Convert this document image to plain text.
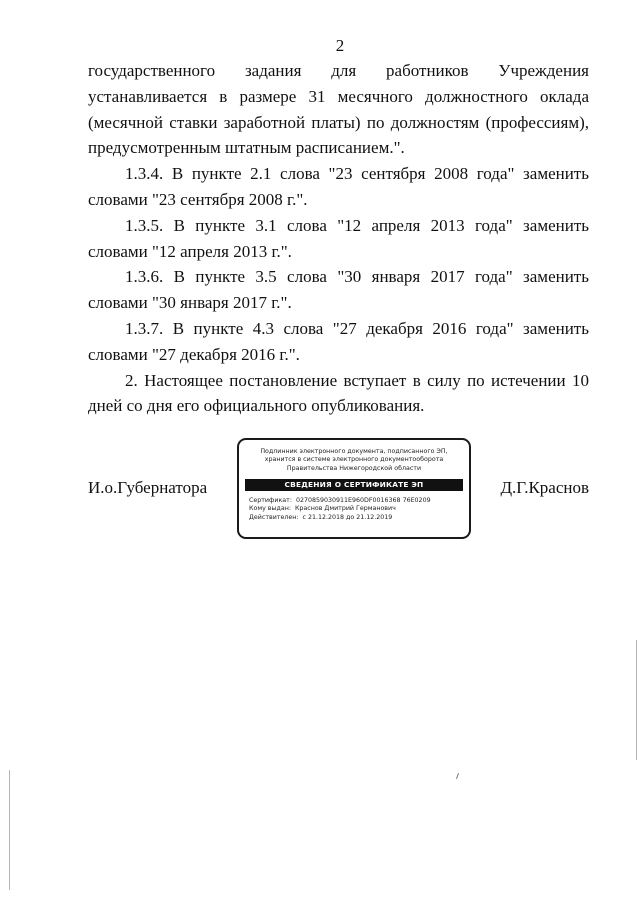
2

государственного задания для работников Учреждения устанавливается в размере 31 месячного должностного оклада (месячной ставки заработной платы) по должностям (профессиям), предусмотренным штатным расписанием.".

1.3.4. В пункте 2.1 слова "23 сентября 2008 года" заменить словами "23 сентября 2008 г.".

1.3.5. В пункте 3.1 слова "12 апреля 2013 года" заменить словами "12 апреля 2013 г.".

1.3.6. В пункте 3.5 слова "30 января 2017 года" заменить словами "30 января 2017 г.".

1.3.7. В пункте 4.3 слова "27 декабря 2016 года" заменить словами "27 декабря 2016 г.".

2. Настоящее постановление вступает в силу по истечении 10 дней со дня его официального опубликования.

И.о.Губернатора
Подлинник электронного документа, подписанного ЭП,
хранится в системе электронного документооборота
Правительства Нижегородской области
СВЕДЕНИЯ О СЕРТИФИКАТЕ ЭП
Сертификат: 0270859030911E960DF0016368 76E0209
Кому выдан: Краснов Дмитрий Германович
Действителен: с 21.12.2018 до 21.12.2019
Д.Г.Краснов
